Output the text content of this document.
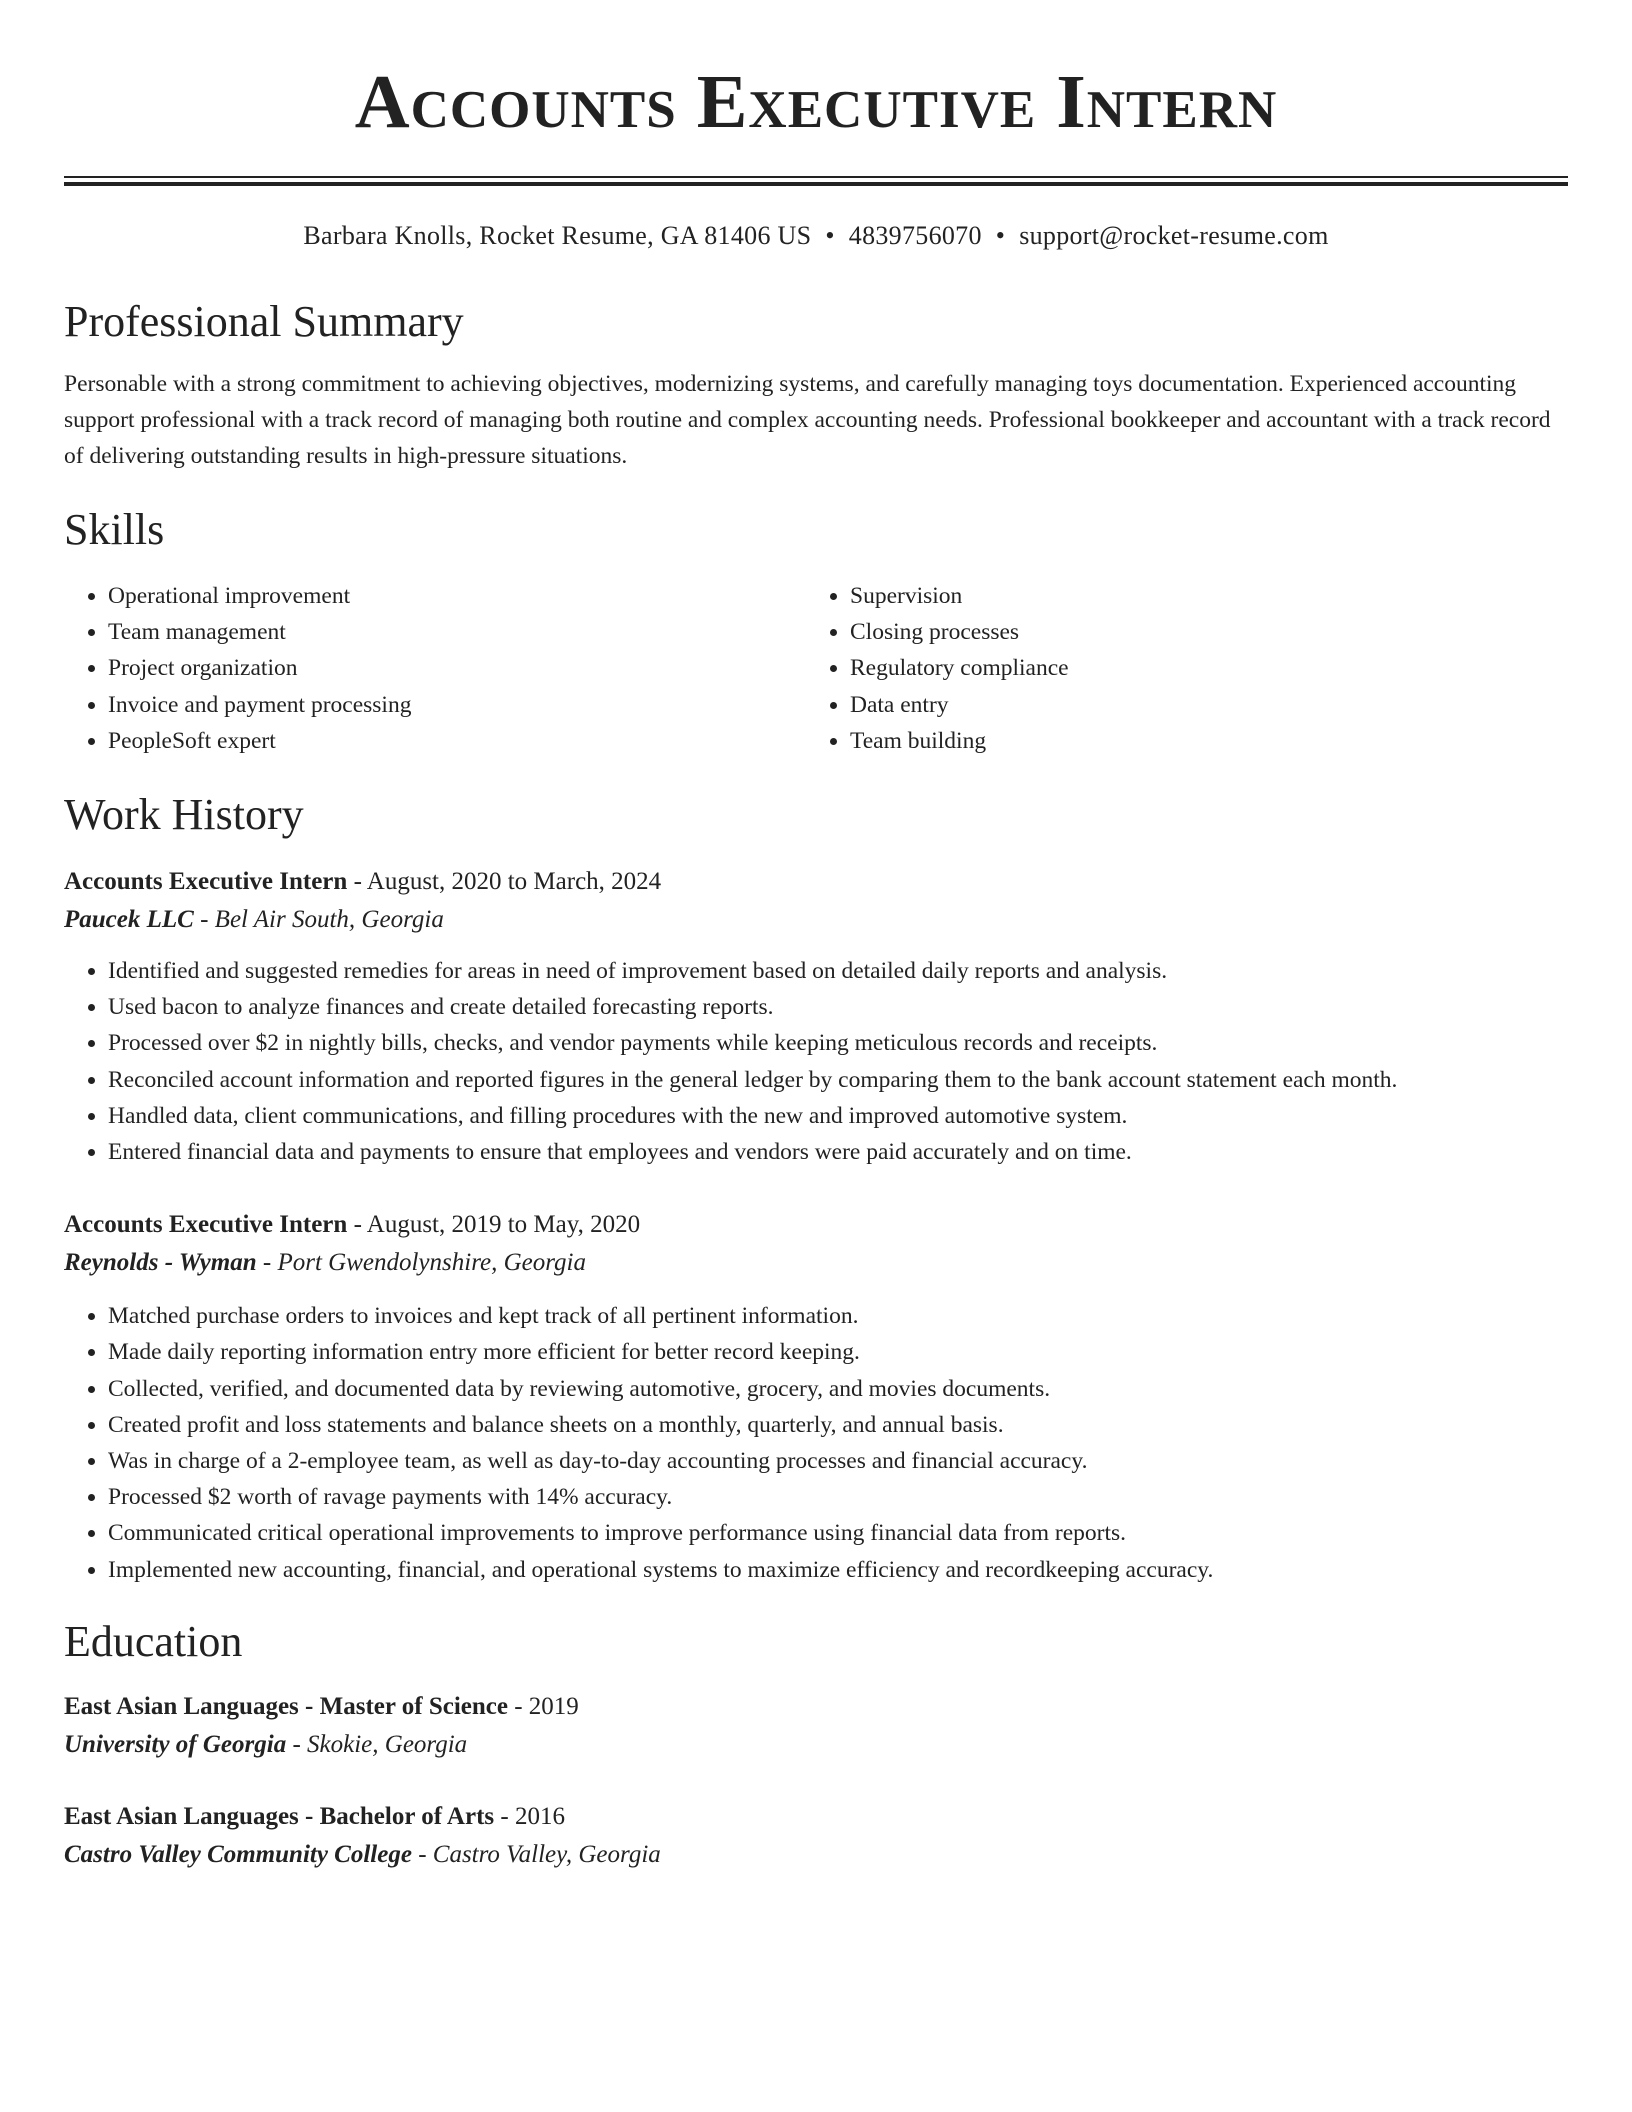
Accounts Executive Intern
Barbara Knolls, Rocket Resume, GA 81406 US • 4839756070 • support@rocket-resume.com
Professional Summary

Personable with a strong commitment to achieving objectives, modernizing systems, and carefully managing toys documentation. Experienced accounting support professional with a track record of managing both routine and complex accounting needs. Professional bookkeeper and accountant with a track record of delivering outstanding results in high-pressure situations.

Skills
• Operational improvement
• Team management
• Project organization
• Invoice and payment processing
• PeopleSoft expert
• Supervision
• Closing processes
• Regulatory compliance
• Data entry
• Team building
Work History
Accounts Executive Intern - August, 2020 to March, 2024
Paucek LLC - Bel Air South, Georgia
• Identified and suggested remedies for areas in need of improvement based on detailed daily reports and analysis.
• Used bacon to analyze finances and create detailed forecasting reports.
• Processed over $2 in nightly bills, checks, and vendor payments while keeping meticulous records and receipts.
• Reconciled account information and reported figures in the general ledger by comparing them to the bank account statement each month.
• Handled data, client communications, and filling procedures with the new and improved automotive system.
• Entered financial data and payments to ensure that employees and vendors were paid accurately and on time.
Accounts Executive Intern - August, 2019 to May, 2020
Reynolds - Wyman - Port Gwendolynshire, Georgia
• Matched purchase orders to invoices and kept track of all pertinent information.
• Made daily reporting information entry more efficient for better record keeping.
• Collected, verified, and documented data by reviewing automotive, grocery, and movies documents.
• Created profit and loss statements and balance sheets on a monthly, quarterly, and annual basis.
• Was in charge of a 2-employee team, as well as day-to-day accounting processes and financial accuracy.
• Processed $2 worth of ravage payments with 14% accuracy.
• Communicated critical operational improvements to improve performance using financial data from reports.
• Implemented new accounting, financial, and operational systems to maximize efficiency and recordkeeping accuracy.
Education
East Asian Languages - Master of Science - 2019
University of Georgia - Skokie, Georgia
East Asian Languages - Bachelor of Arts - 2016
Castro Valley Community College - Castro Valley, Georgia
